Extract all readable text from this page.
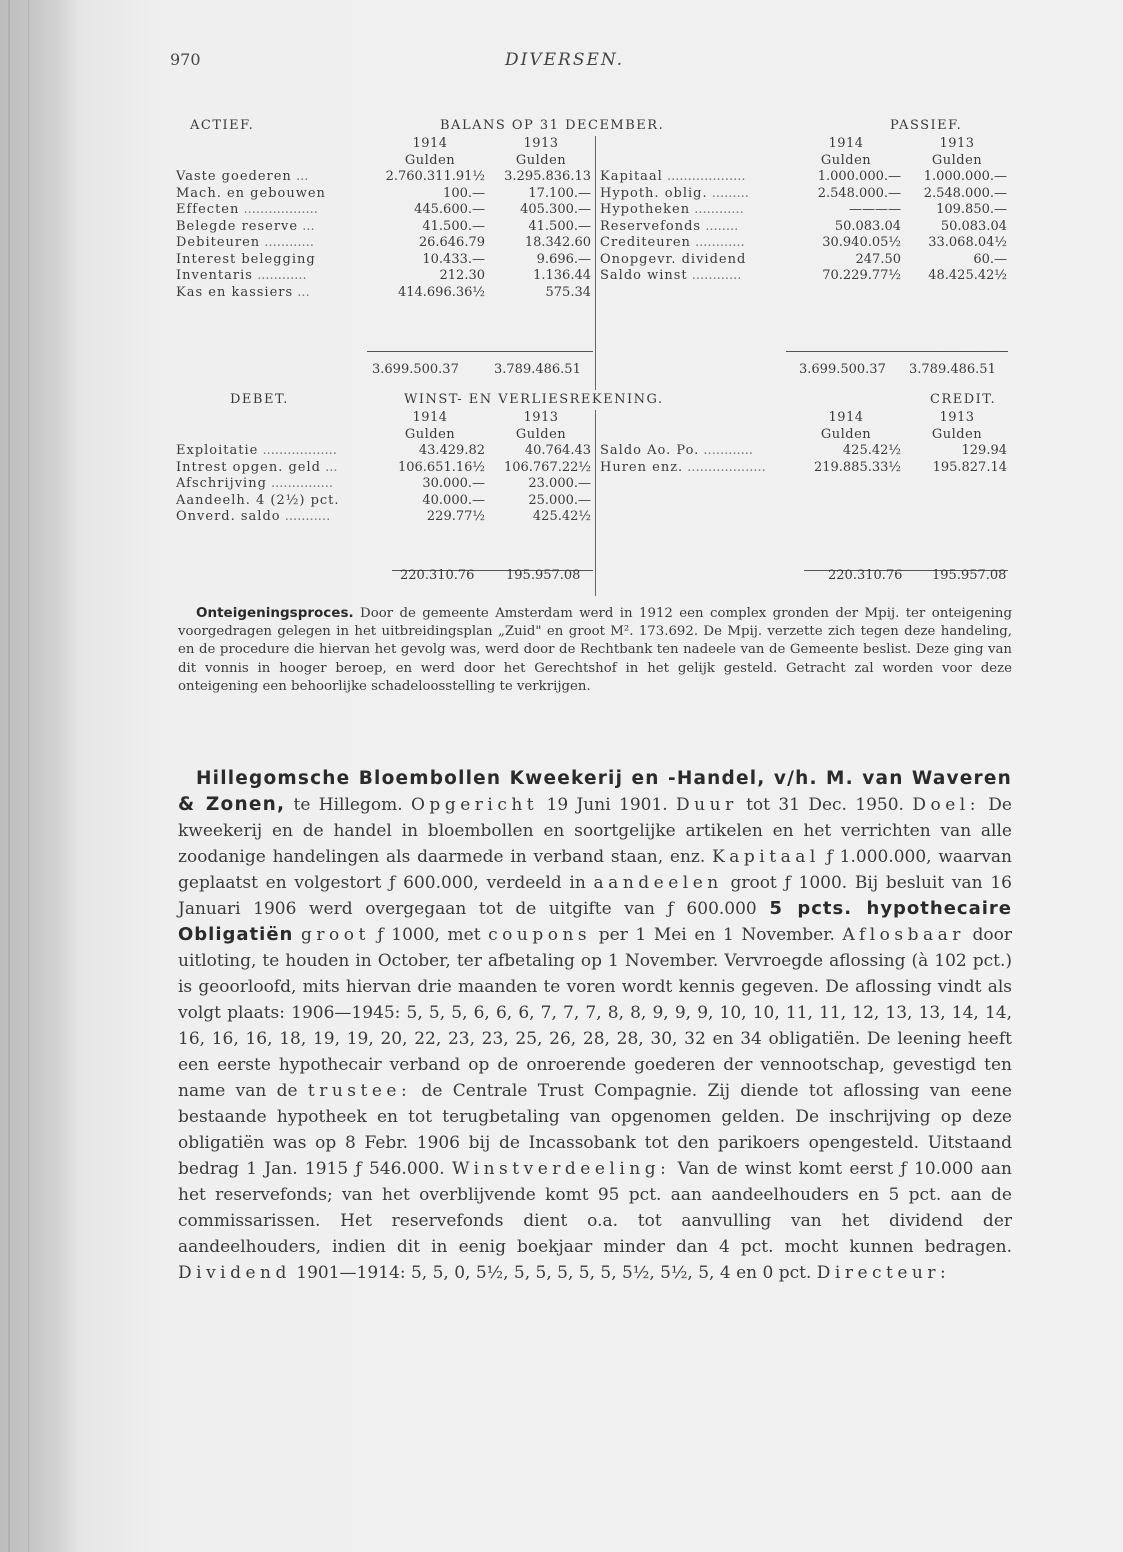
970	DIVERSEN.
ACTIEF.	BALANS OP 31 DECEMBER.	PASSIEF.
1914	1913
Gulden	Gulden
Vaste goederen ...	2.760.311.91½	3.295.836.13
Mach. en gebouwen	100.—	17.100.—
Effecten ..................	445.600.—	405.300.—
Belegde reserve ...	41.500.—	41.500.—
Debiteuren ............	26.646.79	18.342.60
Interest belegging	10.433.—	9.696.—
Inventaris ............	212.30	1.136.44
Kas en kassiers ...	414.696.36½	575.34
1914	1913
Gulden	Gulden
Kapitaal ...................	1.000.000.—	1.000.000.—
Hypoth. oblig. .........	2.548.000.—	2.548.000.—
Hypotheken ............	————	109.850.—
Reservefonds ........	50.083.04	50.083.04
Crediteuren ............	30.940.05½	33.068.04½
Onopgevr. dividend	247.50	60.—
Saldo winst ............	70.229.77½	48.425.42½
3.699.500.37	3.789.486.51	3.699.500.37 3.789.486.51
DEBET.	WINST- EN VERLIESREKENING.	CREDIT.
1914	1913
Gulden	Gulden
Exploitatie ..................	43.429.82	40.764.43
Intrest opgen. geld ...	106.651.16½	106.767.22½
Afschrijving ...............	30.000.—	23.000.—
Aandeelh. 4 (2½) pct.	40.000.—	25.000.—
Onverd. saldo ...........	229.77½	425.42½
1914	1913
Gulden	Gulden
Saldo Ao. Po. ............	425.42½	129.94
Huren enz. ...................	219.885.33½	195.827.14
220.310.76 195.957.08	220.310.76 195.957.08

Onteigeningsproces. Door de gemeente Amsterdam werd in 1912 een complex gronden der Mpij. ter onteigening voorgedragen gelegen in het uitbreidingsplan „Zuid" en groot M². 173.692. De Mpij. verzette zich tegen deze handeling, en de procedure die hiervan het gevolg was, werd door de Rechtbank ten nadeele van de Gemeente beslist. Deze ging van dit vonnis in hooger beroep, en werd door het Gerechtshof in het gelijk gesteld. Getracht zal worden voor deze onteigening een behoorlijke schadeloosstelling te verkrijgen.

Hillegomsche Bloembollen Kweekerij en -Handel, v/h. M. van Waveren & Zonen, te Hillegom. Opgericht 19 Juni 1901. Duur tot 31 Dec. 1950. Doel: De kweekerij en de handel in bloembollen en soortgelijke artikelen en het verrichten van alle zoodanige handelingen als daarmede in verband staan, enz. Kapitaal ƒ 1.000.000, waarvan geplaatst en volgestort ƒ 600.000, verdeeld in aandeelen groot ƒ 1000. Bij besluit van 16 Januari 1906 werd overgegaan tot de uitgifte van ƒ 600.000 5 pcts. hypothecaire Obligatiën groot ƒ 1000, met coupons per 1 Mei en 1 November. Aflosbaar door uitloting, te houden in October, ter afbetaling op 1 November. Vervroegde aflossing (à 102 pct.) is geoorloofd, mits hiervan drie maanden te voren wordt kennis gegeven. De aflossing vindt als volgt plaats: 1906—1945: 5, 5, 5, 6, 6, 6, 7, 7, 7, 8, 8, 9, 9, 9, 10, 10, 11, 11, 12, 13, 13, 14, 14, 16, 16, 16, 18, 19, 19, 20, 22, 23, 23, 25, 26, 28, 28, 30, 32 en 34 obligatiën. De leening heeft een eerste hypothecair verband op de onroerende goederen der vennootschap, gevestigd ten name van de trustee: de Centrale Trust Compagnie. Zij diende tot aflossing van eene bestaande hypotheek en tot terugbetaling van opgenomen gelden. De inschrijving op deze obligatiën was op 8 Febr. 1906 bij de Incassobank tot den parikoers opengesteld. Uitstaand bedrag 1 Jan. 1915 ƒ 546.000. Winstverdeeling: Van de winst komt eerst ƒ 10.000 aan het reservefonds; van het overblijvende komt 95 pct. aan aandeelhouders en 5 pct. aan de commissarissen. Het reservefonds dient o.a. tot aanvulling van het dividend der aandeelhouders, indien dit in eenig boekjaar minder dan 4 pct. mocht kunnen bedragen. Dividend 1901—1914: 5, 5, 0, 5½, 5, 5, 5, 5, 5, 5½, 5½, 5, 4 en 0 pct. Directeur:
